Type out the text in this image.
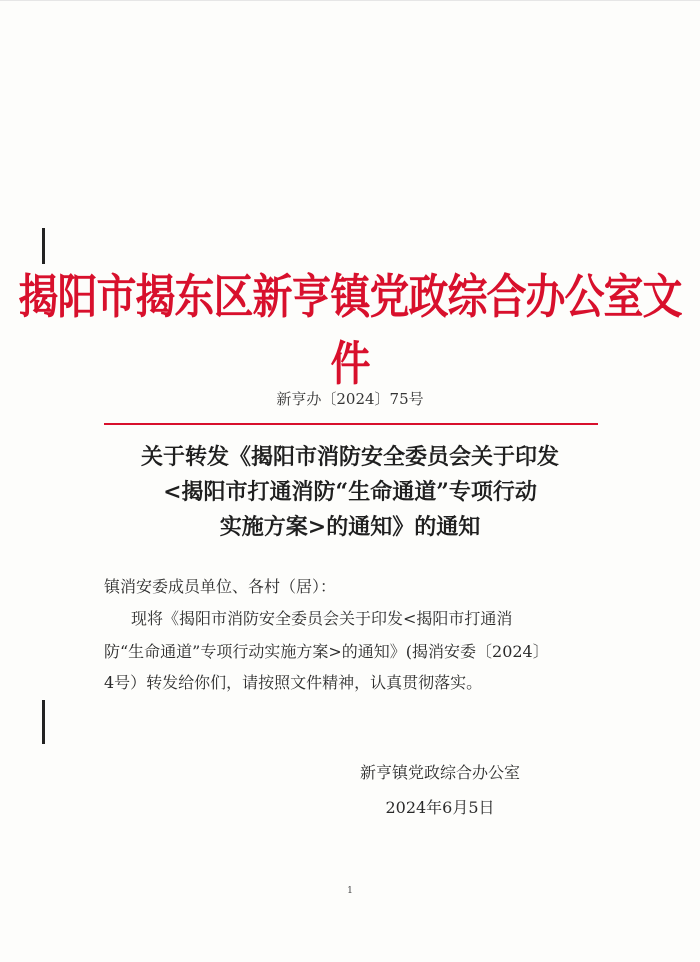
揭阳市揭东区新亨镇党政综合办公室文件
新亨办〔2024〕75号
关于转发《揭阳市消防安全委员会关于印发
<揭阳市打通消防“生命通道”专项行动
实施方案>的通知》的通知
镇消安委成员单位、各村（居）：
现将《揭阳市消防安全委员会关于印发<揭阳市打通消
防“生命通道”专项行动实施方案>的通知》(揭消安委〔2024〕
4号）转发给你们，请按照文件精神，认真贯彻落实。
新亨镇党政综合办公室
2024年6月5日
1
